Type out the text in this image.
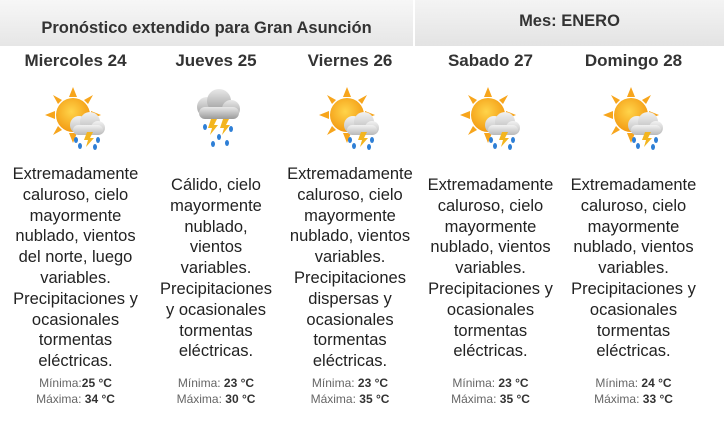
Pronóstico extendido para Gran Asunción	Mes: ENERO
Miercoles 24
Extremadamente
caluroso, cielo
mayormente
nublado, vientos
del norte, luego
variables.
Precipitaciones y
ocasionales
tormentas
eléctricas.
Mínima:25 °C
Máxima: 34 °C
Jueves 25
Cálido, cielo
mayormente
nublado,
vientos
variables.
Precipitaciones
y ocasionales
tormentas
eléctricas.
Mínima: 23 °C
Máxima: 30 °C
Viernes 26
Extremadamente
caluroso, cielo
mayormente
nublado, vientos
variables.
Precipitaciones
dispersas y
ocasionales
tormentas
eléctricas.
Mínima: 23 °C
Máxima: 35 °C
Sabado 27
Extremadamente
caluroso, cielo
mayormente
nublado, vientos
variables.
Precipitaciones y
ocasionales
tormentas
eléctricas.
Mínima: 23 °C
Máxima: 35 °C
Domingo 28
Extremadamente
caluroso, cielo
mayormente
nublado, vientos
variables.
Precipitaciones y
ocasionales
tormentas
eléctricas.
Mínima: 24 °C
Máxima: 33 °C
